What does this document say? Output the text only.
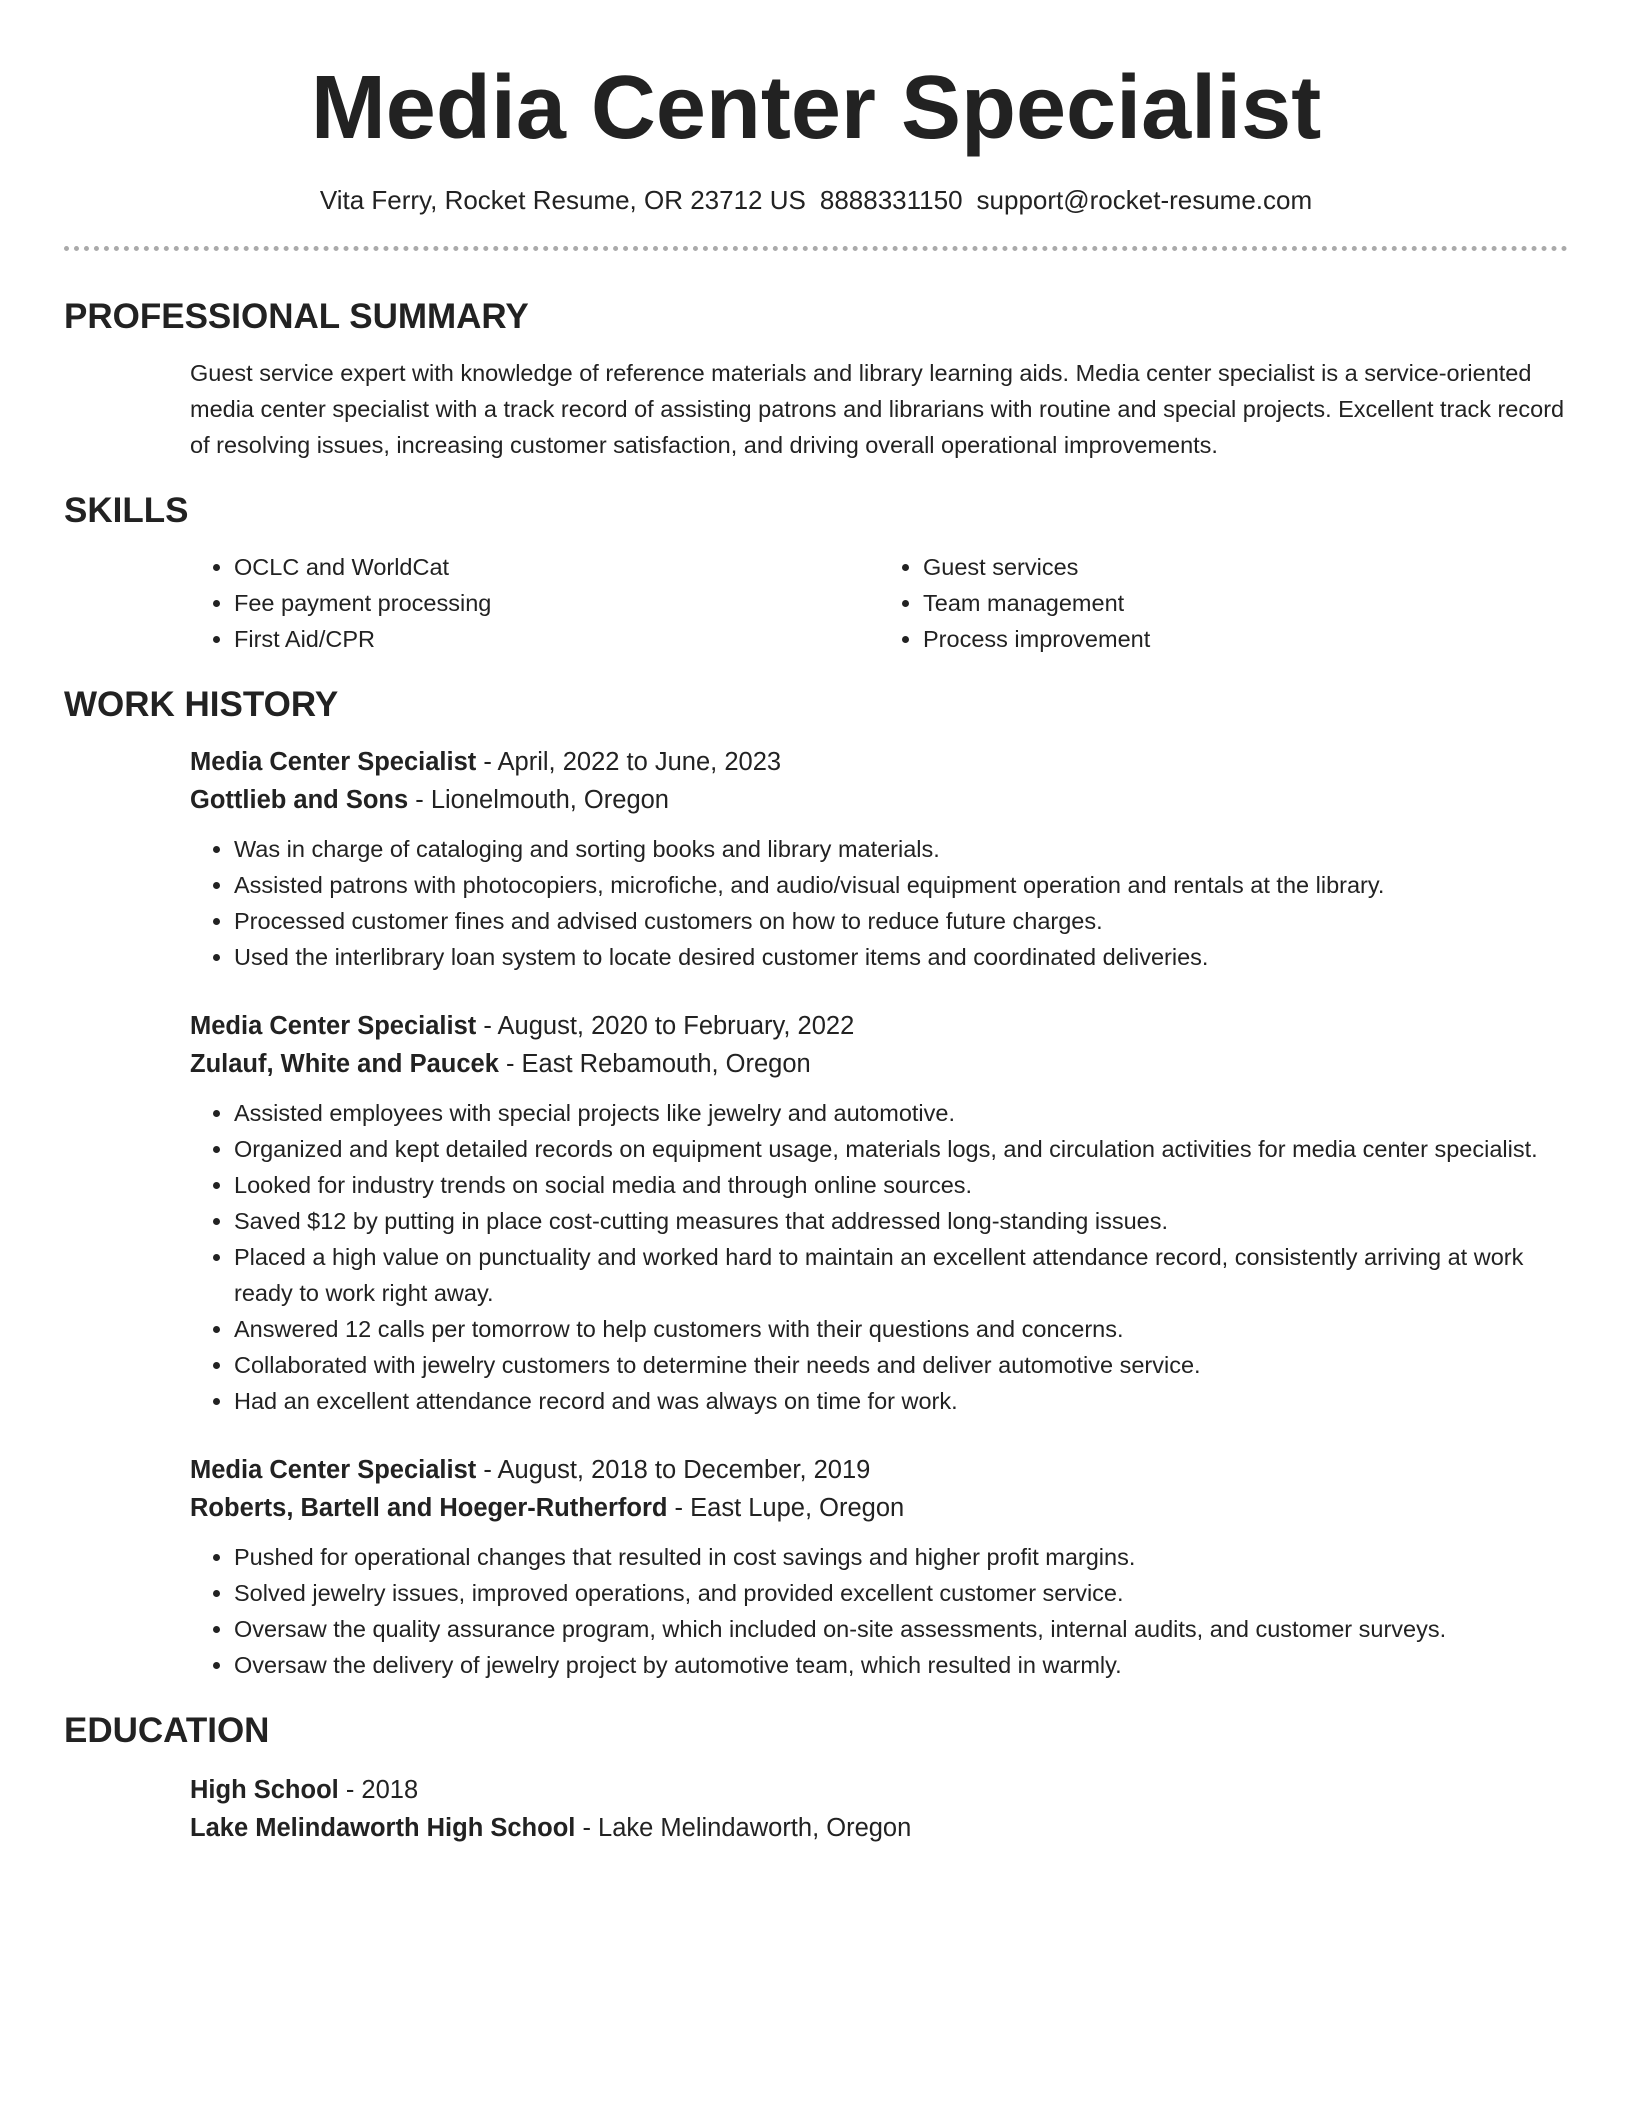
Media Center Specialist
Vita Ferry, Rocket Resume, OR 23712 US 8888331150 support@rocket-resume.com
PROFESSIONAL SUMMARY

Guest service expert with knowledge of reference materials and library learning aids. Media center specialist is a service-oriented media center specialist with a track record of assisting patrons and librarians with routine and special projects. Excellent track record of resolving issues, increasing customer satisfaction, and driving overall operational improvements.

SKILLS
• OCLC and WorldCat
• Fee payment processing
• First Aid/CPR
• Guest services
• Team management
• Process improvement
WORK HISTORY
Media Center Specialist - April, 2022 to June, 2023
Gottlieb and Sons - Lionelmouth, Oregon
• Was in charge of cataloging and sorting books and library materials.
• Assisted patrons with photocopiers, microfiche, and audio/visual equipment operation and rentals at the library.
• Processed customer fines and advised customers on how to reduce future charges.
• Used the interlibrary loan system to locate desired customer items and coordinated deliveries.
Media Center Specialist - August, 2020 to February, 2022
Zulauf, White and Paucek - East Rebamouth, Oregon
• Assisted employees with special projects like jewelry and automotive.
• Organized and kept detailed records on equipment usage, materials logs, and circulation activities for media center specialist.
• Looked for industry trends on social media and through online sources.
• Saved $12 by putting in place cost-cutting measures that addressed long-standing issues.
• Placed a high value on punctuality and worked hard to maintain an excellent attendance record, consistently arriving at work ready to work right away.
• Answered 12 calls per tomorrow to help customers with their questions and concerns.
• Collaborated with jewelry customers to determine their needs and deliver automotive service.
• Had an excellent attendance record and was always on time for work.
Media Center Specialist - August, 2018 to December, 2019
Roberts, Bartell and Hoeger-Rutherford - East Lupe, Oregon
• Pushed for operational changes that resulted in cost savings and higher profit margins.
• Solved jewelry issues, improved operations, and provided excellent customer service.
• Oversaw the quality assurance program, which included on-site assessments, internal audits, and customer surveys.
• Oversaw the delivery of jewelry project by automotive team, which resulted in warmly.
EDUCATION
High School - 2018
Lake Melindaworth High School - Lake Melindaworth, Oregon
